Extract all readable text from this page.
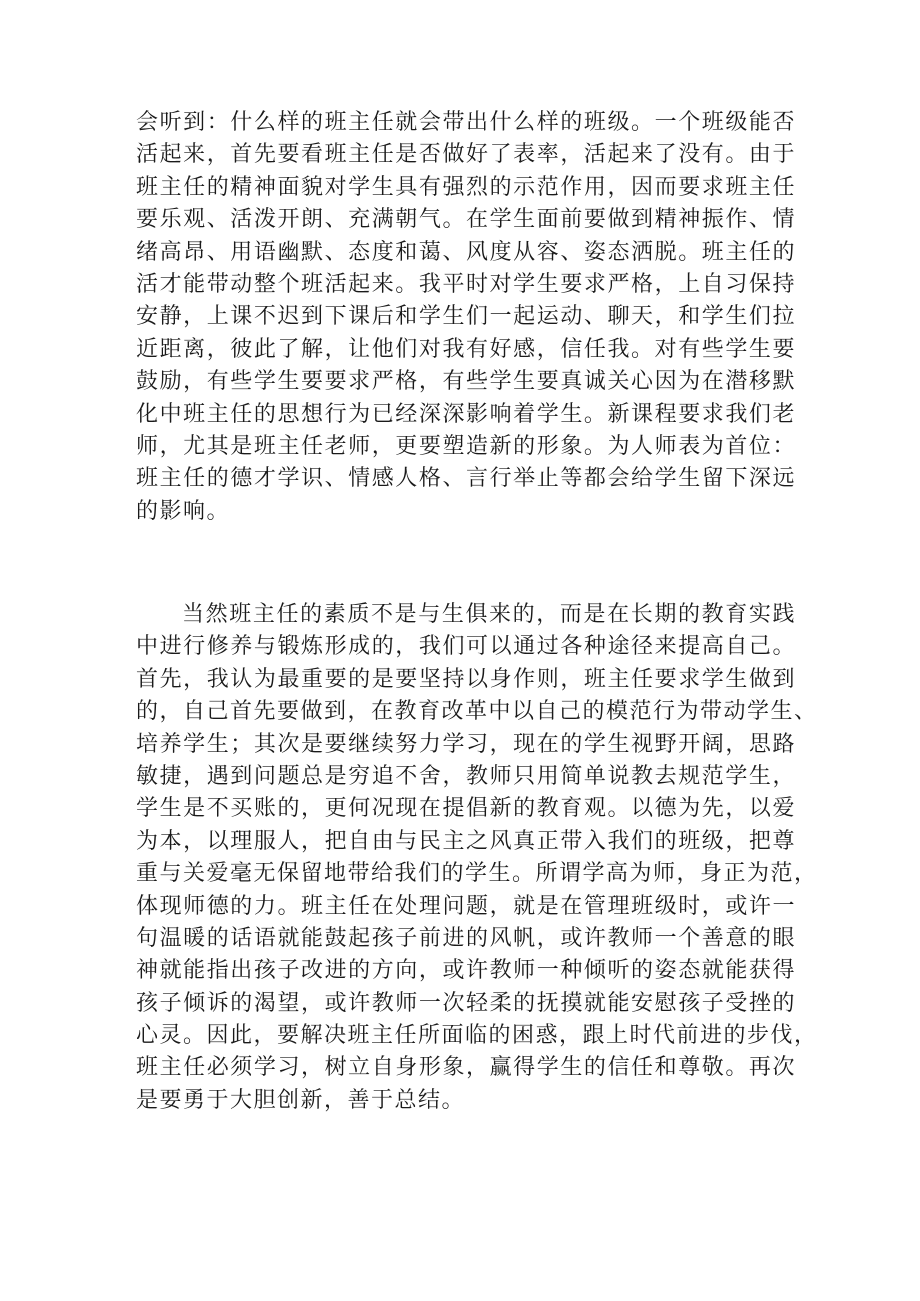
会听到：什么样的班主任就会带出什么样的班级。一个班级能否
活起来，首先要看班主任是否做好了表率，活起来了没有。由于
班主任的精神面貌对学生具有强烈的示范作用，因而要求班主任
要乐观、活泼开朗、充满朝气。在学生面前要做到精神振作、情
绪高昂、用语幽默、态度和蔼、风度从容、姿态洒脱。班主任的
活才能带动整个班活起来。我平时对学生要求严格，上自习保持
安静，上课不迟到下课后和学生们一起运动、聊天，和学生们拉
近距离，彼此了解，让他们对我有好感，信任我。对有些学生要
鼓励，有些学生要要求严格，有些学生要真诚关心因为在潜移默
化中班主任的思想行为已经深深影响着学生。新课程要求我们老
师，尤其是班主任老师，更要塑造新的形象。为人师表为首位：
班主任的德才学识、情感人格、言行举止等都会给学生留下深远
的影响。
当然班主任的素质不是与生俱来的，而是在长期的教育实践
中进行修养与锻炼形成的，我们可以通过各种途径来提高自己。
首先，我认为最重要的是要坚持以身作则，班主任要求学生做到
的，自己首先要做到，在教育改革中以自己的模范行为带动学生、
培养学生；其次是要继续努力学习，现在的学生视野开阔，思路
敏捷，遇到问题总是穷追不舍，教师只用简单说教去规范学生，
学生是不买账的，更何况现在提倡新的教育观。以德为先，以爱
为本，以理服人，把自由与民主之风真正带入我们的班级，把尊
重与关爱毫无保留地带给我们的学生。所谓学高为师，身正为范，
体现师德的力。班主任在处理问题，就是在管理班级时，或许一
句温暖的话语就能鼓起孩子前进的风帆，或许教师一个善意的眼
神就能指出孩子改进的方向，或许教师一种倾听的姿态就能获得
孩子倾诉的渴望，或许教师一次轻柔的抚摸就能安慰孩子受挫的
心灵。因此，要解决班主任所面临的困惑，跟上时代前进的步伐，
班主任必须学习，树立自身形象，赢得学生的信任和尊敬。再次
是要勇于大胆创新，善于总结。
